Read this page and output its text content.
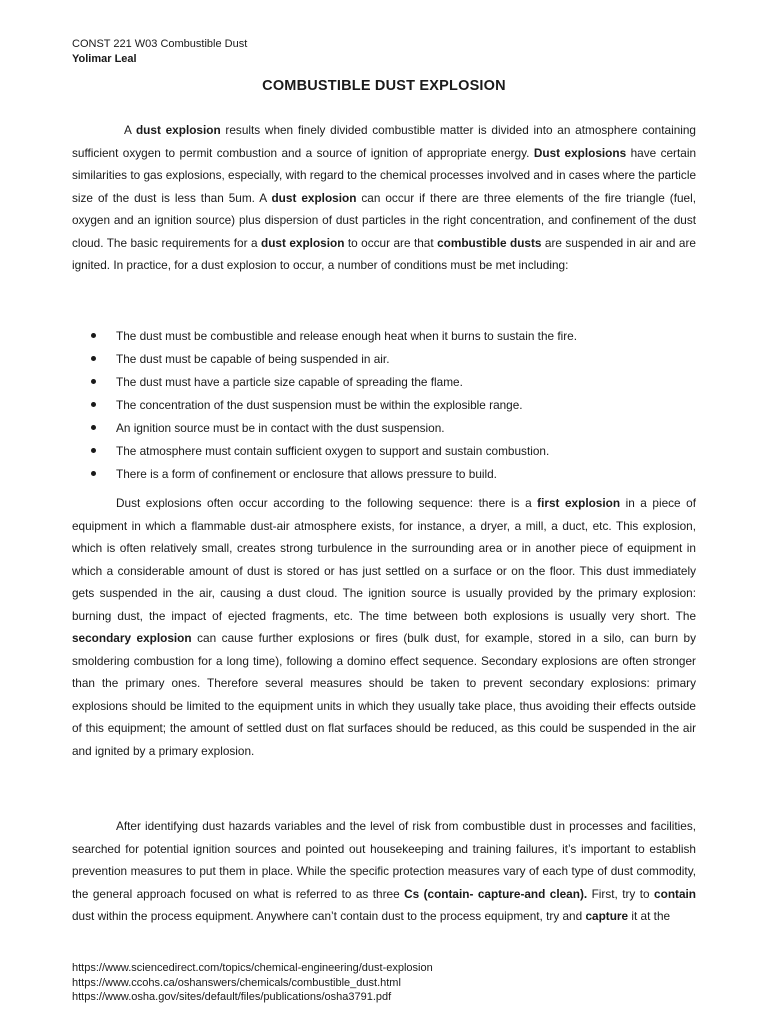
CONST 221 W03 Combustible Dust
Yolimar Leal
COMBUSTIBLE DUST EXPLOSION

A dust explosion results when finely divided combustible matter is divided into an atmosphere containing sufficient oxygen to permit combustion and a source of ignition of appropriate energy. Dust explosions have certain similarities to gas explosions, especially, with regard to the chemical processes involved and in cases where the particle size of the dust is less than 5um. A dust explosion can occur if there are three elements of the fire triangle (fuel, oxygen and an ignition source) plus dispersion of dust particles in the right concentration, and confinement of the dust cloud. The basic requirements for a dust explosion to occur are that combustible dusts are suspended in air and are ignited. In practice, for a dust explosion to occur, a number of conditions must be met including:

The dust must be combustible and release enough heat when it burns to sustain the fire.
The dust must be capable of being suspended in air.
The dust must have a particle size capable of spreading the flame.
The concentration of the dust suspension must be within the explosible range.
An ignition source must be in contact with the dust suspension.
The atmosphere must contain sufficient oxygen to support and sustain combustion.
There is a form of confinement or enclosure that allows pressure to build.

Dust explosions often occur according to the following sequence: there is a first explosion in a piece of equipment in which a flammable dust-air atmosphere exists, for instance, a dryer, a mill, a duct, etc. This explosion, which is often relatively small, creates strong turbulence in the surrounding area or in another piece of equipment in which a considerable amount of dust is stored or has just settled on a surface or on the floor. This dust immediately gets suspended in the air, causing a dust cloud. The ignition source is usually provided by the primary explosion: burning dust, the impact of ejected fragments, etc. The time between both explosions is usually very short. The secondary explosion can cause further explosions or fires (bulk dust, for example, stored in a silo, can burn by smoldering combustion for a long time), following a domino effect sequence. Secondary explosions are often stronger than the primary ones. Therefore several measures should be taken to prevent secondary explosions: primary explosions should be limited to the equipment units in which they usually take place, thus avoiding their effects outside of this equipment; the amount of settled dust on flat surfaces should be reduced, as this could be suspended in the air and ignited by a primary explosion.

After identifying dust hazards variables and the level of risk from combustible dust in processes and facilities, searched for potential ignition sources and pointed out housekeeping and training failures, it’s important to establish prevention measures to put them in place. While the specific protection measures vary of each type of dust commodity, the general approach focused on what is referred to as three Cs (contain- capture-and clean). First, try to contain dust within the process equipment. Anywhere can’t contain dust to the process equipment, try and capture it at the

https://www.sciencedirect.com/topics/chemical-engineering/dust-explosion
https://www.ccohs.ca/oshanswers/chemicals/combustible_dust.html
https://www.osha.gov/sites/default/files/publications/osha3791.pdf
